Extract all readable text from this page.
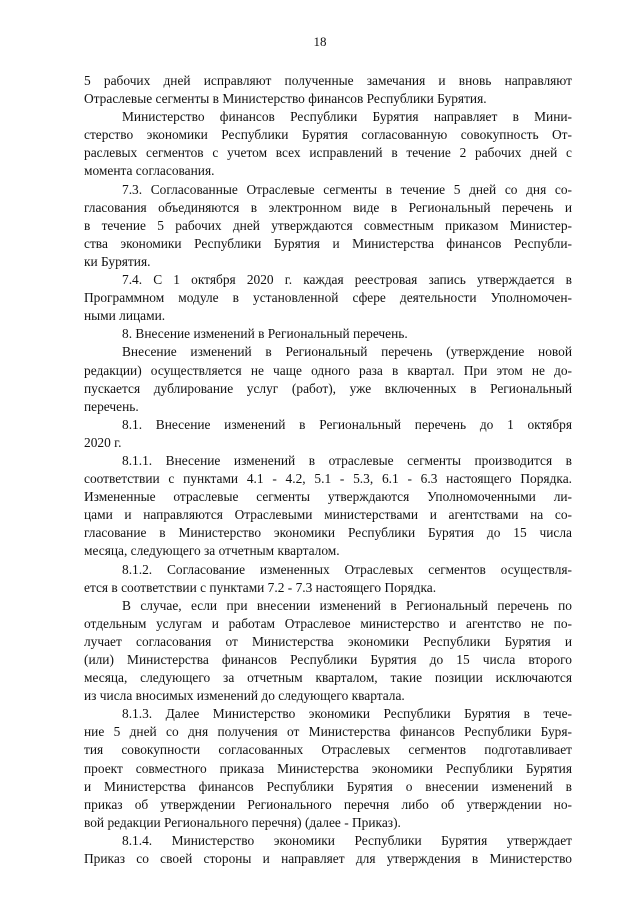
18
5 рабочих дней исправляют полученные замечания и вновь направляют
Отраслевые сегменты в Министерство финансов Республики Бурятия.
Министерство финансов Республики Бурятия направляет в Мини-
стерство экономики Республики Бурятия согласованную совокупность От-
раслевых сегментов с учетом всех исправлений в течение 2 рабочих дней с
момента согласования.
7.3. Согласованные Отраслевые сегменты в течение 5 дней со дня со-
гласования объединяются в электронном виде в Региональный перечень и
в течение 5 рабочих дней утверждаются совместным приказом Министер-
ства экономики Республики Бурятия и Министерства финансов Республи-
ки Бурятия.
7.4. С 1 октября 2020 г. каждая реестровая запись утверждается в
Программном модуле в установленной сфере деятельности Уполномочен-
ными лицами.
8. Внесение изменений в Региональный перечень.
Внесение изменений в Региональный перечень (утверждение новой
редакции) осуществляется не чаще одного раза в квартал. При этом не до-
пускается дублирование услуг (работ), уже включенных в Региональный
перечень.
8.1. Внесение изменений в Региональный перечень до 1 октября
2020 г.
8.1.1. Внесение изменений в отраслевые сегменты производится в
соответствии с пунктами 4.1 - 4.2, 5.1 - 5.3, 6.1 - 6.3 настоящего Порядка.
Измененные отраслевые сегменты утверждаются Уполномоченными ли-
цами и направляются Отраслевыми министерствами и агентствами на со-
гласование в Министерство экономики Республики Бурятия до 15 числа
месяца, следующего за отчетным кварталом.
8.1.2. Согласование измененных Отраслевых сегментов осуществля-
ется в соответствии с пунктами 7.2 - 7.3 настоящего Порядка.
В случае, если при внесении изменений в Региональный перечень по
отдельным услугам и работам Отраслевое министерство и агентство не по-
лучает согласования от Министерства экономики Республики Бурятия и
(или) Министерства финансов Республики Бурятия до 15 числа второго
месяца, следующего за отчетным кварталом, такие позиции исключаются
из числа вносимых изменений до следующего квартала.
8.1.3. Далее Министерство экономики Республики Бурятия в тече-
ние 5 дней со дня получения от Министерства финансов Республики Буря-
тия совокупности согласованных Отраслевых сегментов подготавливает
проект совместного приказа Министерства экономики Республики Бурятия
и Министерства финансов Республики Бурятия о внесении изменений в
приказ об утверждении Регионального перечня либо об утверждении но-
вой редакции Регионального перечня) (далее - Приказ).
8.1.4. Министерство экономики Республики Бурятия утверждает
Приказ со своей стороны и направляет для утверждения в Министерство
